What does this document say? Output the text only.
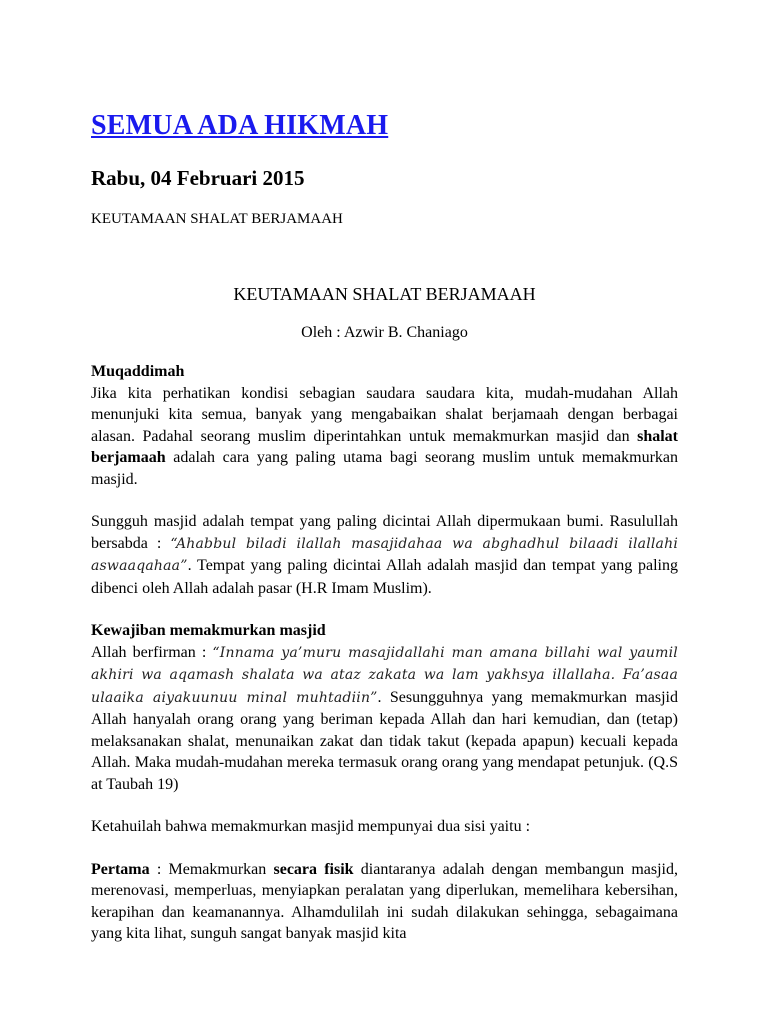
SEMUA ADA HIKMAH
Rabu, 04 Februari 2015
KEUTAMAAN SHALAT BERJAMAAH
KEUTAMAAN SHALAT BERJAMAAH
Oleh : Azwir B. Chaniago

Muqaddimah
Jika kita perhatikan kondisi sebagian saudara saudara kita, mudah-mudahan Allah menunjuki kita semua, banyak yang mengabaikan shalat berjamaah dengan berbagai alasan. Padahal seorang muslim diperintahkan untuk memakmurkan masjid dan shalat berjamaah adalah cara yang paling utama bagi seorang muslim untuk memakmurkan masjid.

Sungguh masjid adalah tempat yang paling dicintai Allah dipermukaan bumi. Rasulullah bersabda : “Ahabbul biladi ilallah masajidahaa wa abghadhul bilaadi ilallahi aswaaqahaa”. Tempat yang paling dicintai Allah adalah masjid dan tempat yang paling dibenci oleh Allah adalah pasar (H.R Imam Muslim).

Kewajiban memakmurkan masjid
Allah berfirman : “Innama ya’muru masajidallahi man amana billahi wal yaumil akhiri wa aqamash shalata wa ataz zakata wa lam yakhsya illallaha. Fa’asaa ulaaika aiyakuunuu minal muhtadiin”. Sesungguhnya yang memakmurkan masjid Allah hanyalah orang orang yang beriman kepada Allah dan hari kemudian, dan (tetap) melaksanakan shalat, menunaikan zakat dan tidak takut (kepada apapun) kecuali kepada Allah. Maka mudah-mudahan mereka termasuk orang orang yang mendapat petunjuk. (Q.S at Taubah 19)

Ketahuilah bahwa memakmurkan masjid mempunyai dua sisi yaitu :

Pertama : Memakmurkan secara fisik diantaranya adalah dengan membangun masjid, merenovasi, memperluas, menyiapkan peralatan yang diperlukan, memelihara kebersihan, kerapihan dan keamanannya. Alhamdulilah ini sudah dilakukan sehingga, sebagaimana yang kita lihat, sunguh sangat banyak masjid kita
